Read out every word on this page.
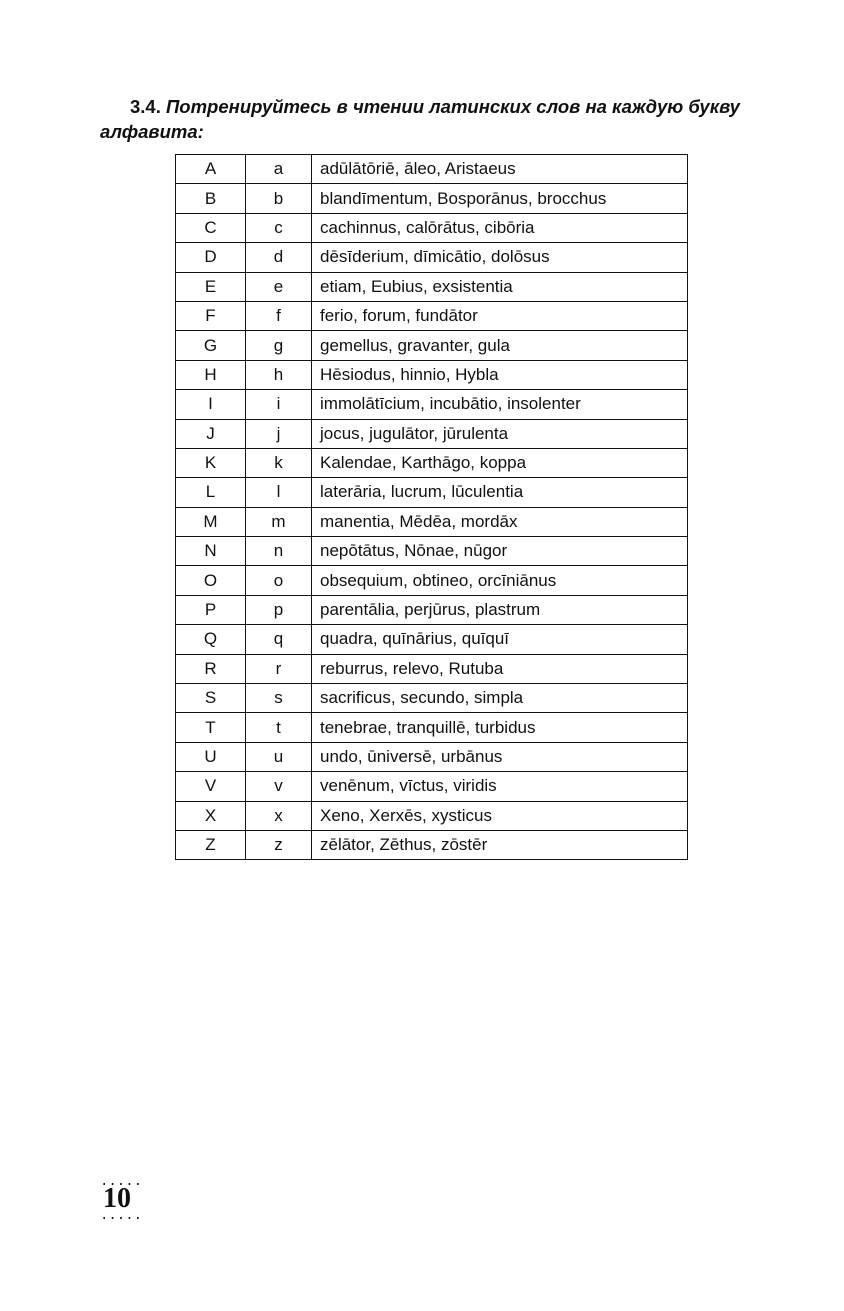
3.4. Потренируйтесь в чтении латинских слов на каждую букву алфавита:

A	a	adūlātōriē, āleo, Aristaeus
B	b	blandīmentum, Bosporānus, brocchus
C	c	cachinnus, calōrātus, cibōria
D	d	dēsīderium, dīmicātio, dolōsus
E	e	etiam, Eubius, exsistentia
F	f	ferio, forum, fundātor
G	g	gemellus, gravanter, gula
H	h	Hēsiodus, hinnio, Hybla
I	i	immolātīcium, incubātio, insolenter
J	j	jocus, jugulātor, jūrulenta
K	k	Kalendae, Karthāgo, koppa
L	l	laterāria, lucrum, lūculentia
M	m	manentia, Mēdēa, mordāx
N	n	nepōtātus, Nōnae, nūgor
O	o	obsequium, obtineo, orcīniānus
P	p	parentālia, perjūrus, plastrum
Q	q	quadra, quīnārius, quīquī
R	r	reburrus, relevo, Rutuba
S	s	sacrificus, secundo, simpla
T	t	tenebrae, tranquillē, turbidus
U	u	undo, ūniversē, urbānus
V	v	venēnum, vīctus, viridis
X	x	Xeno, Xerxēs, xysticus
Z	z	zēlātor, Zēthus, zōstēr
.....
10
.....
